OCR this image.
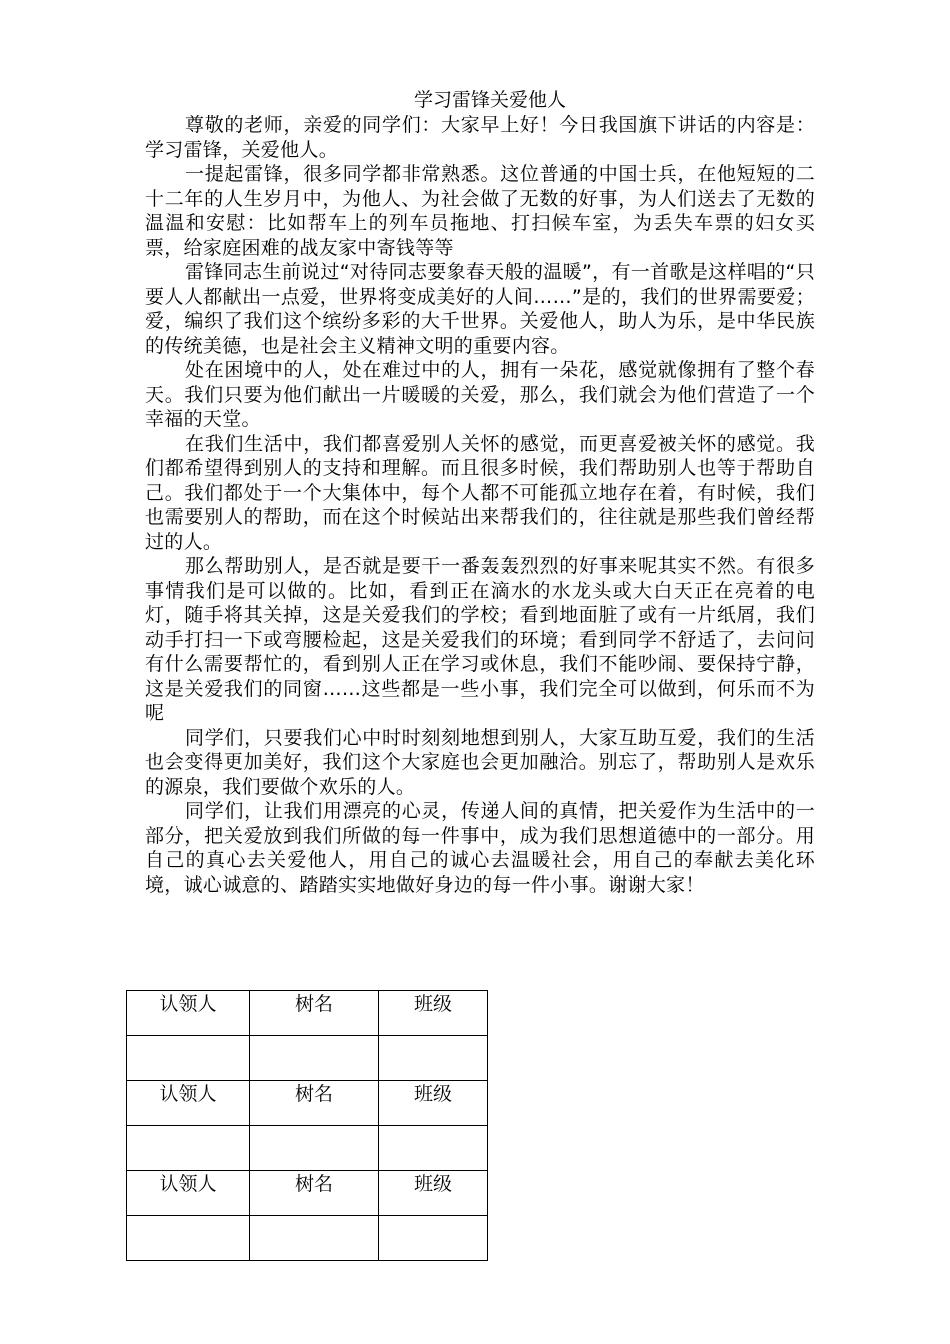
学习雷锋关爱他人

尊敬的老师，亲爱的同学们：大家早上好！今日我国旗下讲话的内容是：学习雷锋，关爱他人。

一提起雷锋，很多同学都非常熟悉。这位普通的中国士兵，在他短短的二十二年的人生岁月中，为他人、为社会做了无数的好事，为人们送去了无数的温温和安慰：比如帮车上的列车员拖地、打扫候车室，为丢失车票的妇女买票，给家庭困难的战友家中寄钱等等

雷锋同志生前说过“对待同志要象春天般的温暖”，有一首歌是这样唱的“只要人人都献出一点爱，世界将变成美好的人间……”是的，我们的世界需要爱；爱，编织了我们这个缤纷多彩的大千世界。关爱他人，助人为乐，是中华民族的传统美德，也是社会主义精神文明的重要内容。

处在困境中的人，处在难过中的人，拥有一朵花，感觉就像拥有了整个春天。我们只要为他们献出一片暖暖的关爱，那么，我们就会为他们营造了一个幸福的天堂。

在我们生活中，我们都喜爱别人关怀的感觉，而更喜爱被关怀的感觉。我们都希望得到别人的支持和理解。而且很多时候，我们帮助别人也等于帮助自己。我们都处于一个大集体中，每个人都不可能孤立地存在着，有时候，我们也需要别人的帮助，而在这个时候站出来帮我们的，往往就是那些我们曾经帮过的人。

那么帮助别人，是否就是要干一番轰轰烈烈的好事来呢其实不然。有很多事情我们是可以做的。比如，看到正在滴水的水龙头或大白天正在亮着的电灯，随手将其关掉，这是关爱我们的学校；看到地面脏了或有一片纸屑，我们动手打扫一下或弯腰检起，这是关爱我们的环境；看到同学不舒适了，去问问有什么需要帮忙的，看到别人正在学习或休息，我们不能吵闹、要保持宁静，这是关爱我们的同窗……这些都是一些小事，我们完全可以做到，何乐而不为呢

同学们，只要我们心中时时刻刻地想到别人，大家互助互爱，我们的生活也会变得更加美好，我们这个大家庭也会更加融洽。别忘了，帮助别人是欢乐的源泉，我们要做个欢乐的人。

同学们，让我们用漂亮的心灵，传递人间的真情，把关爱作为生活中的一部分，把关爱放到我们所做的每一件事中，成为我们思想道德中的一部分。用自己的真心去关爱他人，用自己的诚心去温暖社会，用自己的奉献去美化环境，诚心诚意的、踏踏实实地做好身边的每一件小事。谢谢大家！

认领人	树名	班级

认领人	树名	班级

认领人	树名	班级
